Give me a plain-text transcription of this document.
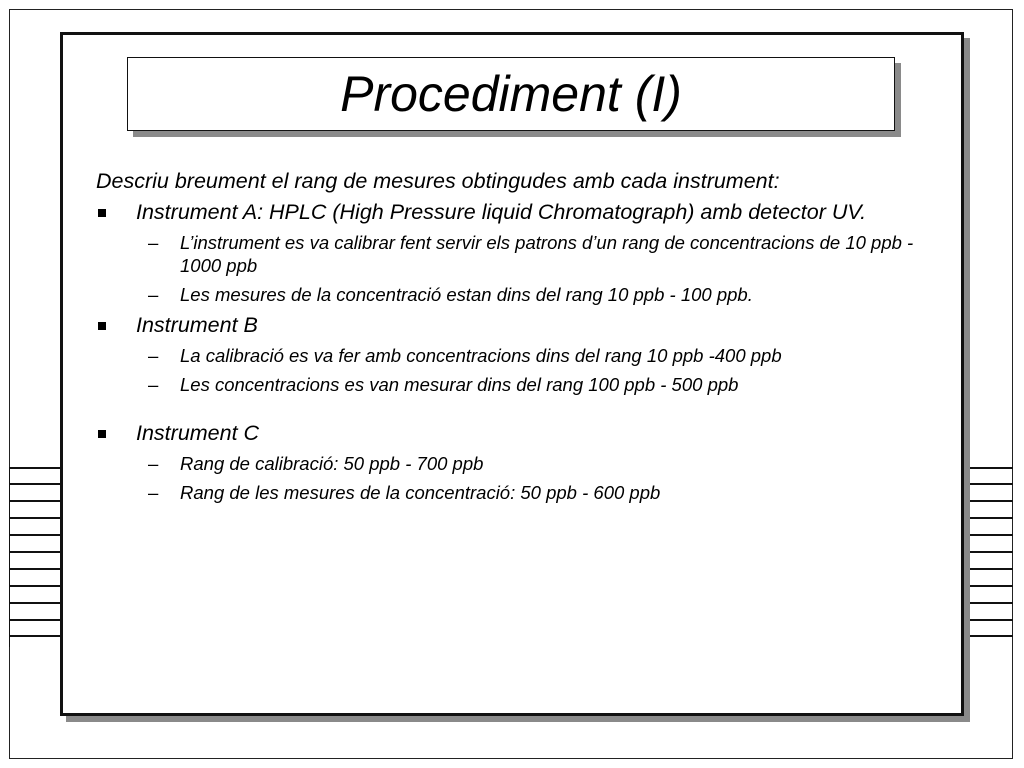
Procediment (I)
Descriu breument el rang de mesures obtingudes amb cada instrument:
Instrument A: HPLC (High Pressure liquid Chromatograph) amb detector UV.
– L’instrument es va calibrar fent servir els patrons d’un rang de concentracions de 10 ppb - 1000 ppb
– Les mesures de la concentració estan dins del rang 10 ppb - 100 ppb.
Instrument B
– La calibració es va fer amb concentracions dins del rang 10 ppb -400 ppb
– Les concentracions es van mesurar dins del rang 100 ppb - 500 ppb
Instrument C
– Rang de calibració: 50 ppb - 700 ppb
– Rang de les mesures de la concentració: 50 ppb - 600 ppb
